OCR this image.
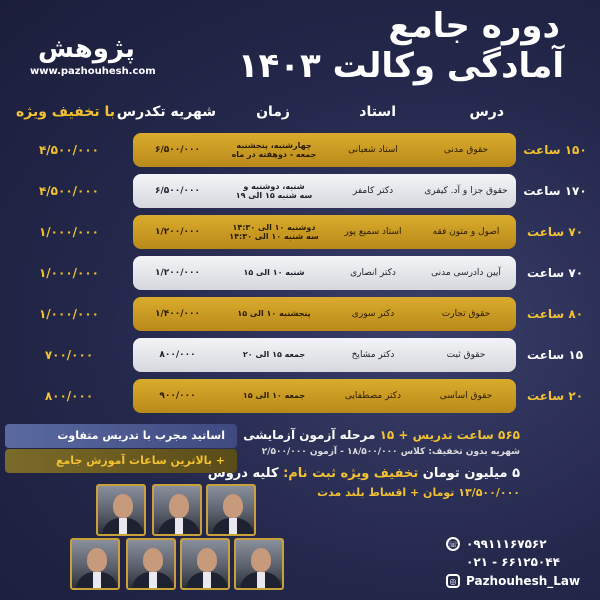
پژوهش
www.pazhouhesh.com
دوره جامع
آمادگی وکالت ۱۴۰۳
درس
استاد
زمان
شهریه تکدرس
با تخفیف ویژه
۱۵۰ ساعت
حقوق مدنی
استاد شعبانی
چهارشنبه، پنجشنبه
جمعه - دوهفته در ماه
۶/۵۰۰/۰۰۰
۴/۵۰۰/۰۰۰
۱۷۰ ساعت
حقوق جزا و آد. کیفری
دکتر کامفر
شنبه، دوشنبه و
سه شنبه ۱۵ الی ۱۹
۶/۵۰۰/۰۰۰
۴/۵۰۰/۰۰۰
۷۰ ساعت
اصول و متون فقه
استاد سمیع پور
دوشنبه ۱۰ الی ۱۴:۳۰
سه شنبه ۱۰ الی ۱۴:۳۰
۱/۲۰۰/۰۰۰
۱/۰۰۰/۰۰۰
۷۰ ساعت
آیین دادرسی مدنی
دکتر انصاری
شنبه ۱۰ الی ۱۵

۱/۲۰۰/۰۰۰
۱/۰۰۰/۰۰۰
۸۰ ساعت
حقوق تجارت
دکتر سوری
پنجشنبه ۱۰ الی ۱۵

۱/۴۰۰/۰۰۰
۱/۰۰۰/۰۰۰
۱۵ ساعت
حقوق ثبت
دکتر مشایخ
جمعه ۱۵ الی ۲۰

۸۰۰/۰۰۰
۷۰۰/۰۰۰
۲۰ ساعت
حقوق اساسی
دکتر مصطفایی
جمعه ۱۰ الی ۱۵

۹۰۰/۰۰۰
۸۰۰/۰۰۰
اساتید مجرب با تدریس متفاوت
+ بالاترین ساعات آموزش جامع
۵۶۵ ساعت تدریس + ۱۵ مرحله آزمون آزمایشی
شهریه بدون تخفیف: کلاس ۱۸/۵۰۰/۰۰۰ - آزمون ۲/۵۰۰/۰۰۰
۵ میلیون تومان تخفیف ویژه ثبت نام: کلیه دروس
۱۳/۵۰۰/۰۰۰ تومان + اقساط بلند مدت
☏ ۰۹۹۱۱۱۶۷۵۶۲
۰۲۱ - ۶۶۱۲۵۰۴۴
◎ Pazhouhesh_Law
